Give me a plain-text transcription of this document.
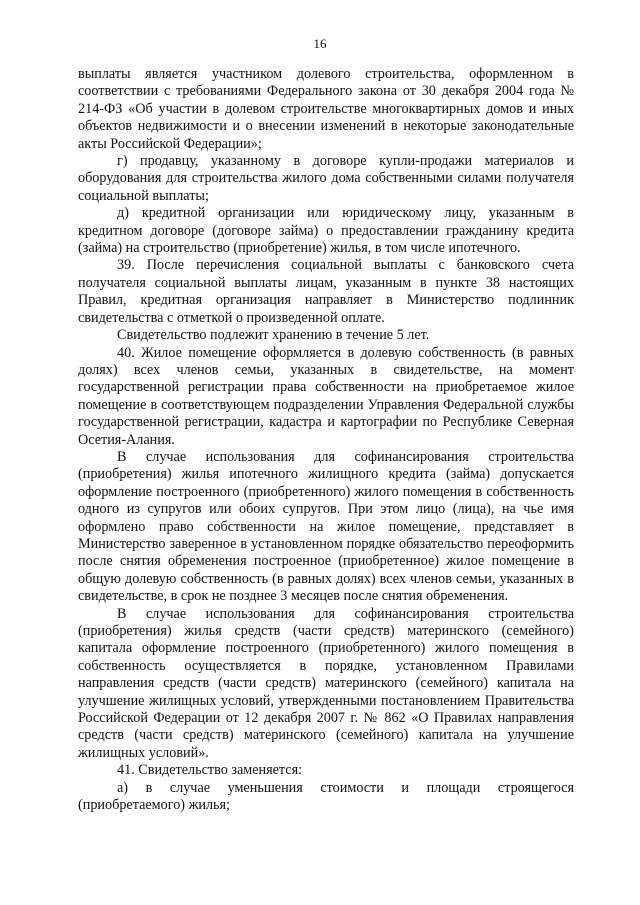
16

выплаты является участником долевого строительства, оформленном в соответствии с требованиями Федерального закона от 30 декабря 2004 года № 214-ФЗ «Об участии в долевом строительстве многоквартирных домов и иных объектов недвижимости и о внесении изменений в некоторые законодательные акты Российской Федерации»;

г) продавцу, указанному в договоре купли-продажи материалов и оборудования для строительства жилого дома собственными силами получателя социальной выплаты;

д) кредитной организации или юридическому лицу, указанным в кредитном договоре (договоре займа) о предоставлении гражданину кредита (займа) на строительство (приобретение) жилья, в том числе ипотечного.

39. После перечисления социальной выплаты с банковского счета получателя социальной выплаты лицам, указанным в пункте 38 настоящих Правил, кредитная организация направляет в Министерство подлинник свидетельства с отметкой о произведенной оплате.

Свидетельство подлежит хранению в течение 5 лет.

40. Жилое помещение оформляется в долевую собственность (в равных долях) всех членов семьи, указанных в свидетельстве, на момент государственной регистрации права собственности на приобретаемое жилое помещение в соответствующем подразделении Управления Федеральной службы государственной регистрации, кадастра и картографии по Республике Северная Осетия-Алания.

В случае использования для софинансирования строительства (приобретения) жилья ипотечного жилищного кредита (займа) допускается оформление построенного (приобретенного) жилого помещения в собственность одного из супругов или обоих супругов. При этом лицо (лица), на чье имя оформлено право собственности на жилое помещение, представляет в Министерство заверенное в установленном порядке обязательство переоформить после снятия обременения построенное (приобретенное) жилое помещение в общую долевую собственность (в равных долях) всех членов семьи, указанных в свидетельстве, в срок не позднее 3 месяцев после снятия обременения.

В случае использования для софинансирования строительства (приобретения) жилья средств (части средств) материнского (семейного) капитала оформление построенного (приобретенного) жилого помещения в собственность осуществляется в порядке, установленном Правилами направления средств (части средств) материнского (семейного) капитала на улучшение жилищных условий, утвержденными постановлением Правительства Российской Федерации от 12 декабря 2007 г. № 862 «О Правилах направления средств (части средств) материнского (семейного) капитала на улучшение жилищных условий».

41. Свидетельство заменяется:

а) в случае уменьшения стоимости и площади строящегося (приобретаемого) жилья;
